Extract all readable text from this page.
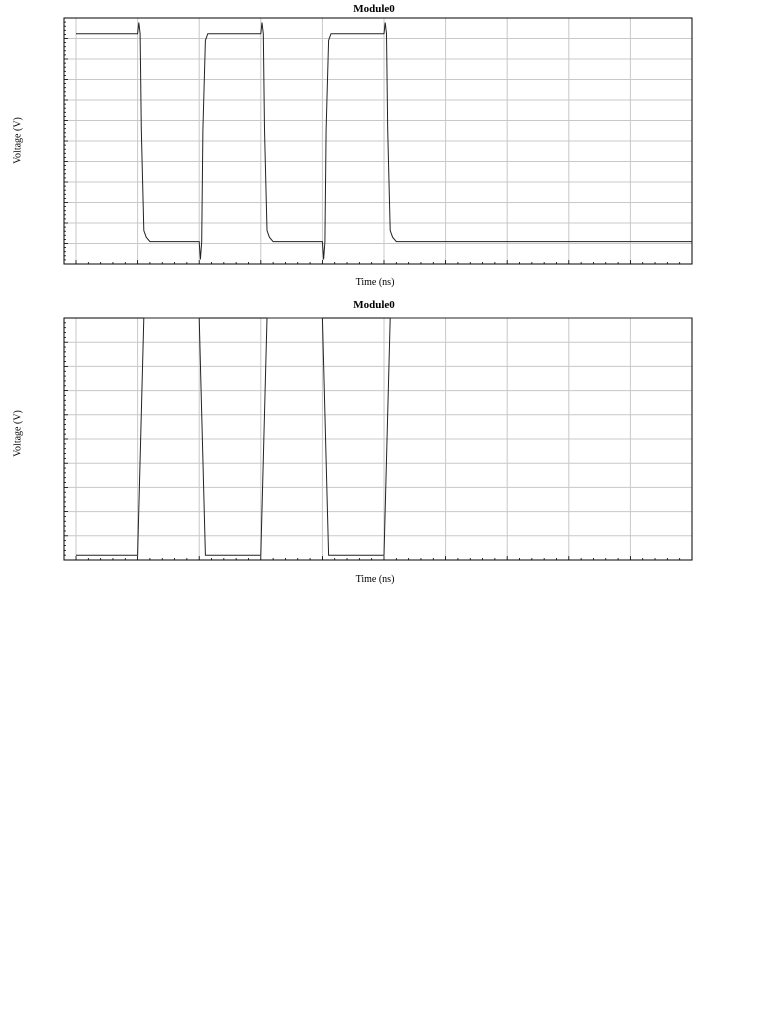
Module0
Voltage (V)
Time (ns)
Module0
Voltage (V)
Time (ns)
